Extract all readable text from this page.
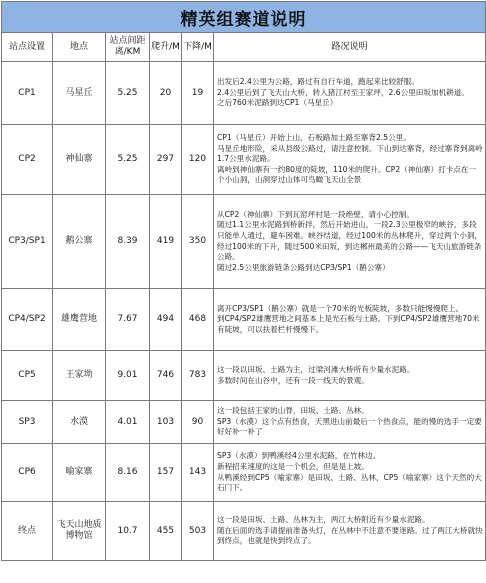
精英组赛道说明					
站点设置	地点	站点间距离/KM	爬升/M	下降/M	路况说明
CP1	马星丘	5.25	20	19	出发后2.4公里为公路，路过有自行车道，跑起来比较舒服。
2.4公里后到了飞天山大桥，转入猪江村至王家坪，2.6公里田坂加机耕道。
之后760米泥路到达CP1（马星丘）

CP2	神仙寨	5.25	297	120	CP1（马星丘）开始上山，石板路加土路至寨背2.5公里。
马星丘地形险，采从县级公路过，请注意控制。下山到达寨背，经过寨背到离岭1.7公里水泥路。
离岭到神仙寨有一约80度的陡坡，110米的爬升。CP2（神仙寨）打卡点在一个小山洞，山洞穿过山体可鸟瞰飞天山全景

CP3/SP1	鹅公寨	8.39	419	350	从CP2（神仙寨）下到瓦窑坪村是一段绝壁，请小心控制。
随过1.1公里水泥路到桥新拌，然后开始进山，一段2.3公里极窄的峡谷，多段只能单人通过，避车困难。峡谷结道，经过100米的丛林爬升，穿过两个小洞，经过100米的下升，随过500米田坂，到达郴州最美的公路——飞天山旅游链条公路。
随过2.5公里旅游链条公路到达CP3/SP1（鹅公寨）

CP4/SP2	雄鹰营地	7.67	494	468	离开CP3/SP1（鹅公寨）就是一个70米的光板陡坡，多数只能慢慢爬上。
到CP4/SP2雄鹰营地之间基本上是光石板与土路。下到CP4/SP2雄鹰营地70米有陡坡，可以扶着栏杆慢慢下。

CP5	王家坳	9.01	746	783	这一段以田坂、土路为主，过梁河滩大桥所有少量水泥路。
多数时间在山谷中，还有一段一线天的景观。

SP3	水漠	4.01	103	90	这一段包括王家的山脊，田坂、土路、丛林。
SP3（水漠）这个点有热食，天黑进山前最后一个热食点，能的慢的选手一定要好好补一补了

CP6	喻家寨	8.16	157	143	SP3（水漠）到鸭溪经4公里水泥路，在竹林边。
新程招来速度的这是一个机会，但是是上坡。
从鸭溪经到CP5（喻家寨）是田坂、土路、丛林，CP5（喻家寨）这个天然的大石门下。

终点	飞天山地质博物馆	10.7	455	503	这一段是田坂、土路、丛林为主，两江大桥附近有少量水泥路。
随在后面的选手请提前准备头灯，在丛林中不注意不要迷路。过了两江大桥就快到终点，也就是快到终点了。
